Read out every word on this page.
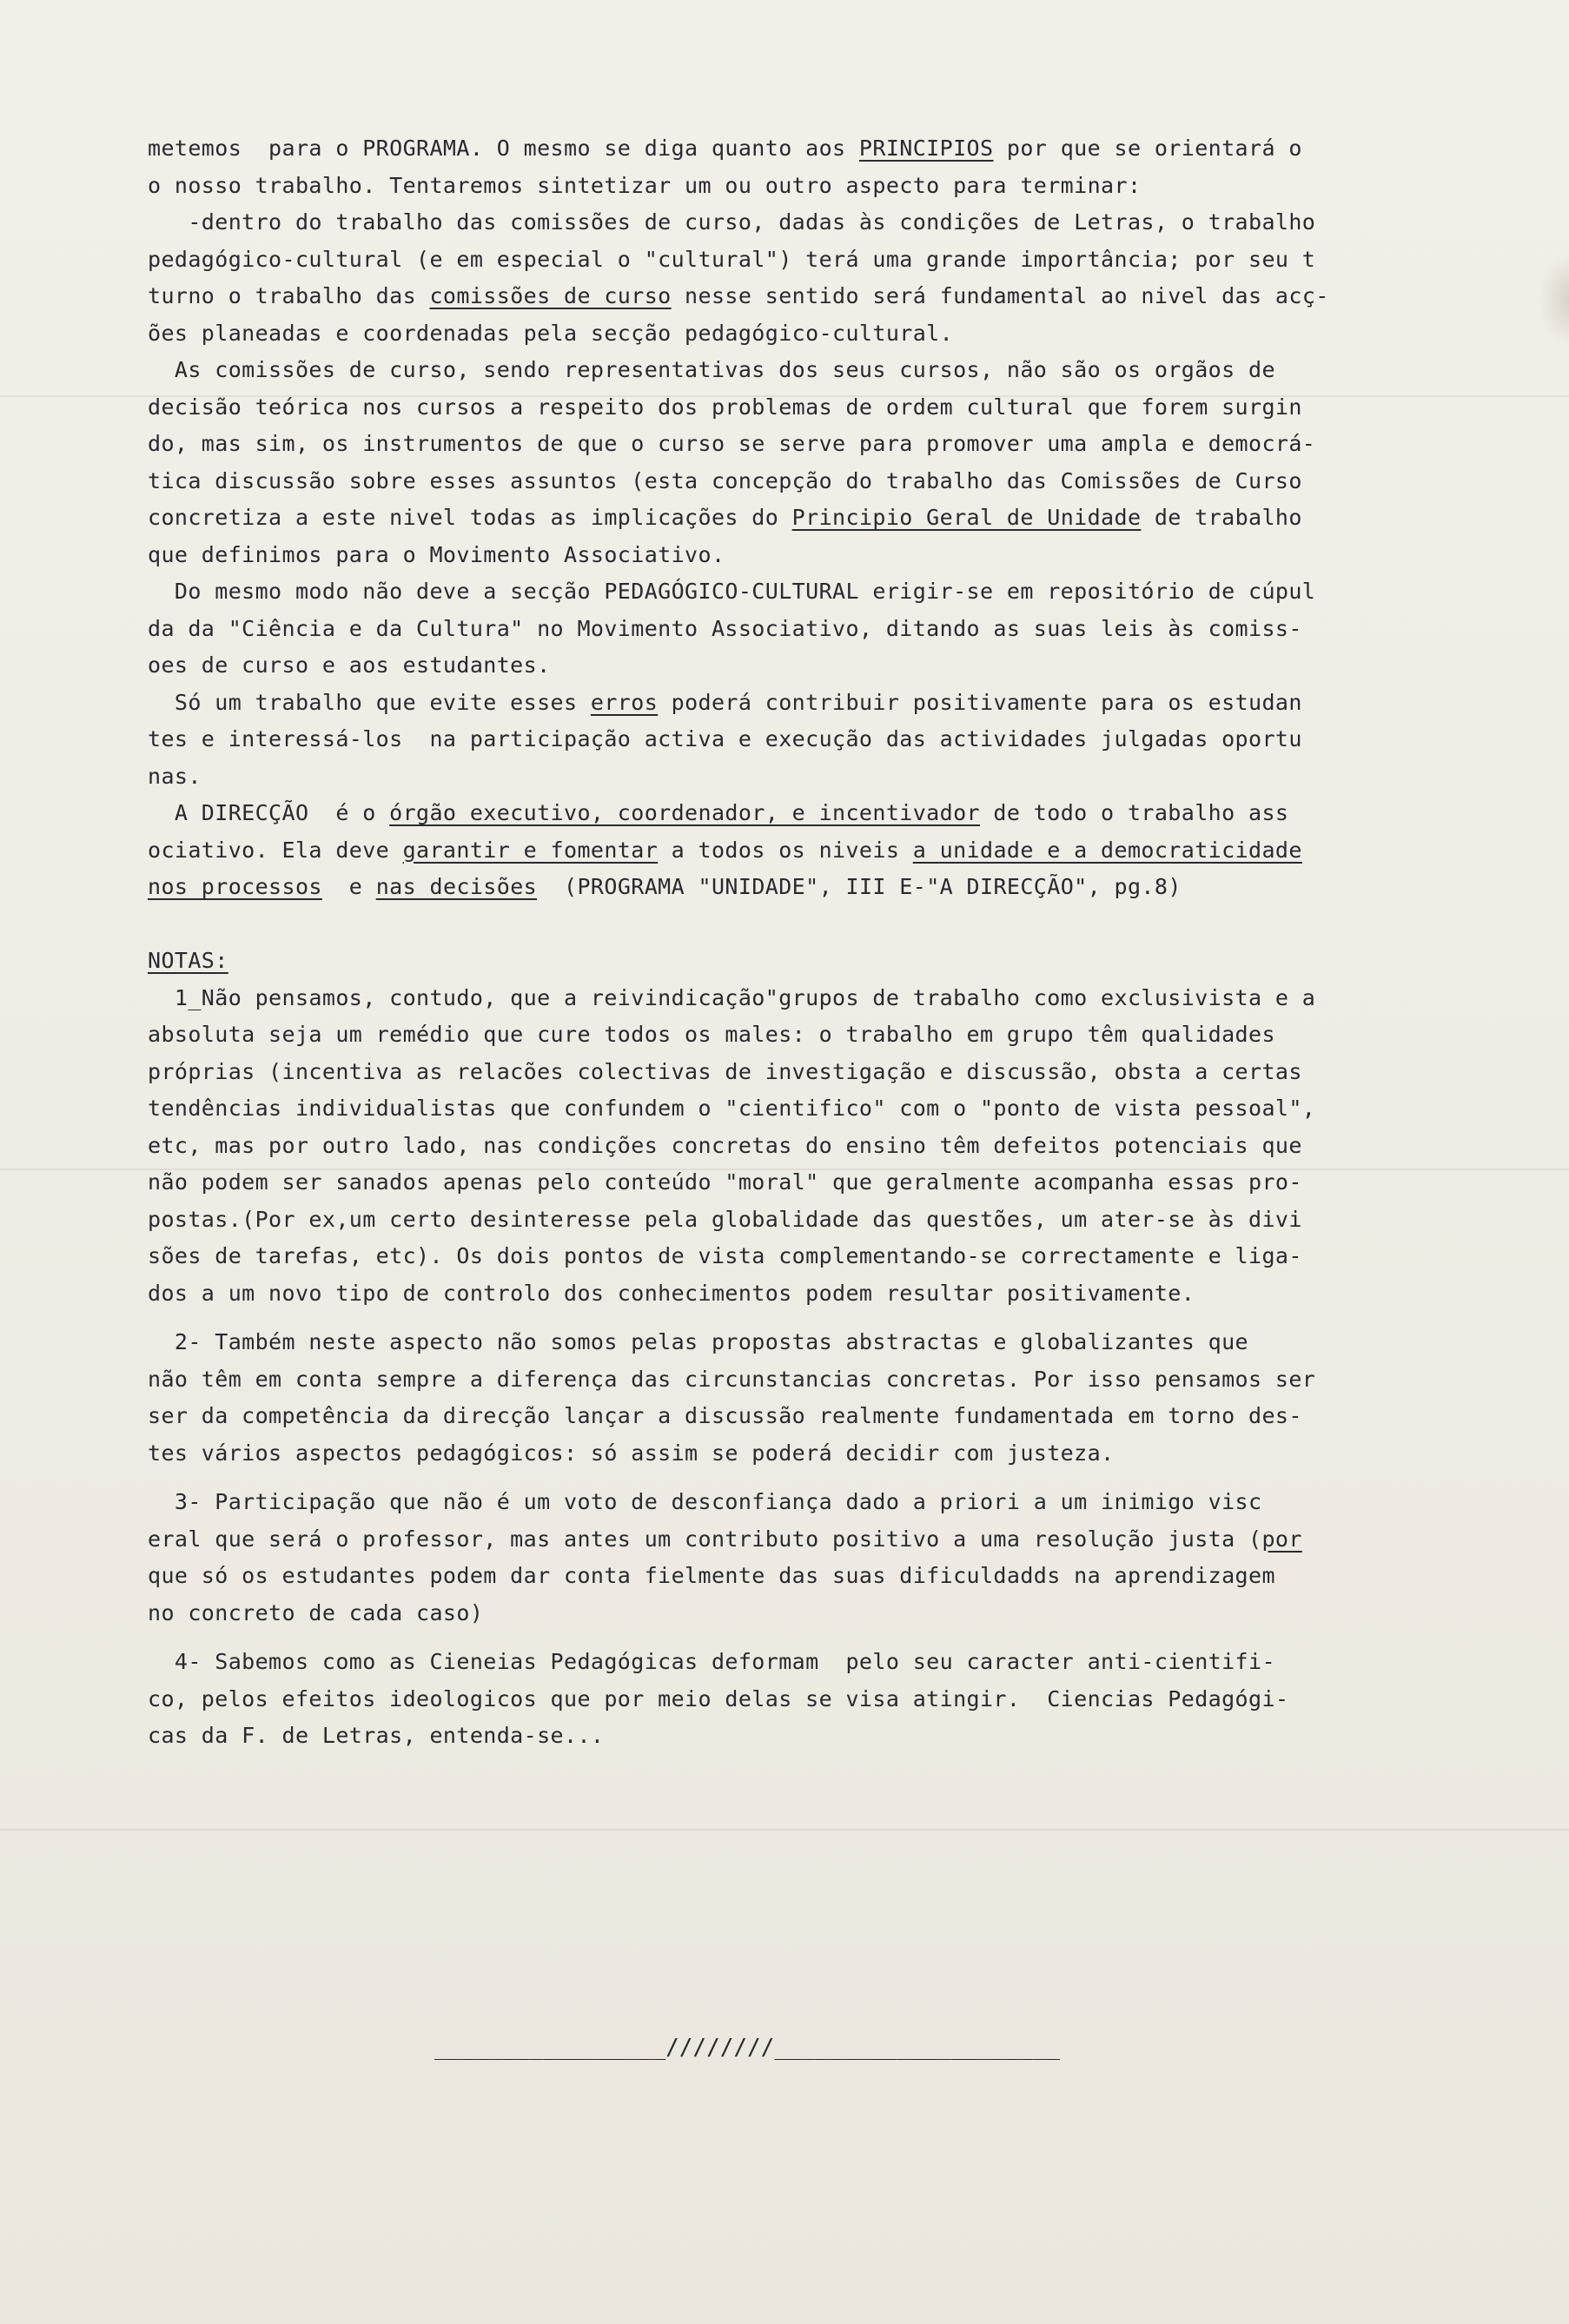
metemos  para o PROGRAMA. O mesmo se diga quanto aos PRINCIPIOS por que se orientará o
o nosso trabalho. Tentaremos sintetizar um ou outro aspecto para terminar:
-dentro do trabalho das comissões de curso, dadas às condições de Letras, o trabalho
pedagógico-cultural (e em especial o "cultural") terá uma grande importância; por seu t
turno o trabalho das comissões de curso nesse sentido será fundamental ao nivel das acç-
ões planeadas e coordenadas pela secção pedagógico-cultural.
As comissões de curso, sendo representativas dos seus cursos, não são os orgãos de
decisão teórica nos cursos a respeito dos problemas de ordem cultural que forem surgin
do, mas sim, os instrumentos de que o curso se serve para promover uma ampla e democrá-
tica discussão sobre esses assuntos (esta concepção do trabalho das Comissões de Curso
concretiza a este nivel todas as implicações do Principio Geral de Unidade de trabalho
que definimos para o Movimento Associativo.
Do mesmo modo não deve a secção PEDAGÓGICO-CULTURAL erigir-se em repositório de cúpul
da da "Ciência e da Cultura" no Movimento Associativo, ditando as suas leis às comiss-
oes de curso e aos estudantes.
Só um trabalho que evite esses erros poderá contribuir positivamente para os estudan
tes e interessá-los  na participação activa e execução das actividades julgadas oportu
nas.
A DIRECÇÃO  é o órgão executivo, coordenador, e incentivador de todo o trabalho ass
ociativo. Ela deve garantir e fomentar a todos os niveis a unidade e a democraticidade
nos processos  e nas decisões  (PROGRAMA "UNIDADE", III E-"A DIRECÇÃO", pg.8)
NOTAS:
1_Não pensamos, contudo, que a reivindicação"grupos de trabalho como exclusivista e a
absoluta seja um remédio que cure todos os males: o trabalho em grupo têm qualidades
próprias (incentiva as relacões colectivas de investigação e discussão, obsta a certas
tendências individualistas que confundem o "cientifico" com o "ponto de vista pessoal",
etc, mas por outro lado, nas condições concretas do ensino têm defeitos potenciais que
não podem ser sanados apenas pelo conteúdo "moral" que geralmente acompanha essas pro-
postas.(Por ex,um certo desinteresse pela globalidade das questões, um ater-se às divi
sões de tarefas, etc). Os dois pontos de vista complementando-se correctamente e liga-
dos a um novo tipo de controlo dos conhecimentos podem resultar positivamente.
2- Também neste aspecto não somos pelas propostas abstractas e globalizantes que
não têm em conta sempre a diferença das circunstancias concretas. Por isso pensamos ser
ser da competência da direcção lançar a discussão realmente fundamentada em torno des-
tes vários aspectos pedagógicos: só assim se poderá decidir com justeza.
3- Participação que não é um voto de desconfiança dado a priori a um inimigo visc
eral que será o professor, mas antes um contributo positivo a uma resolução justa (por
que só os estudantes podem dar conta fielmente das suas dificuldadds na aprendizagem
no concreto de cada caso)
4- Sabemos como as Cieneias Pedagógicas deformam  pelo seu caracter anti-cientifi-
co, pelos efeitos ideologicos que por meio delas se visa atingir.  Ciencias Pedagógi-
cas da F. de Letras, entenda-se...
_________________////////_____________________
